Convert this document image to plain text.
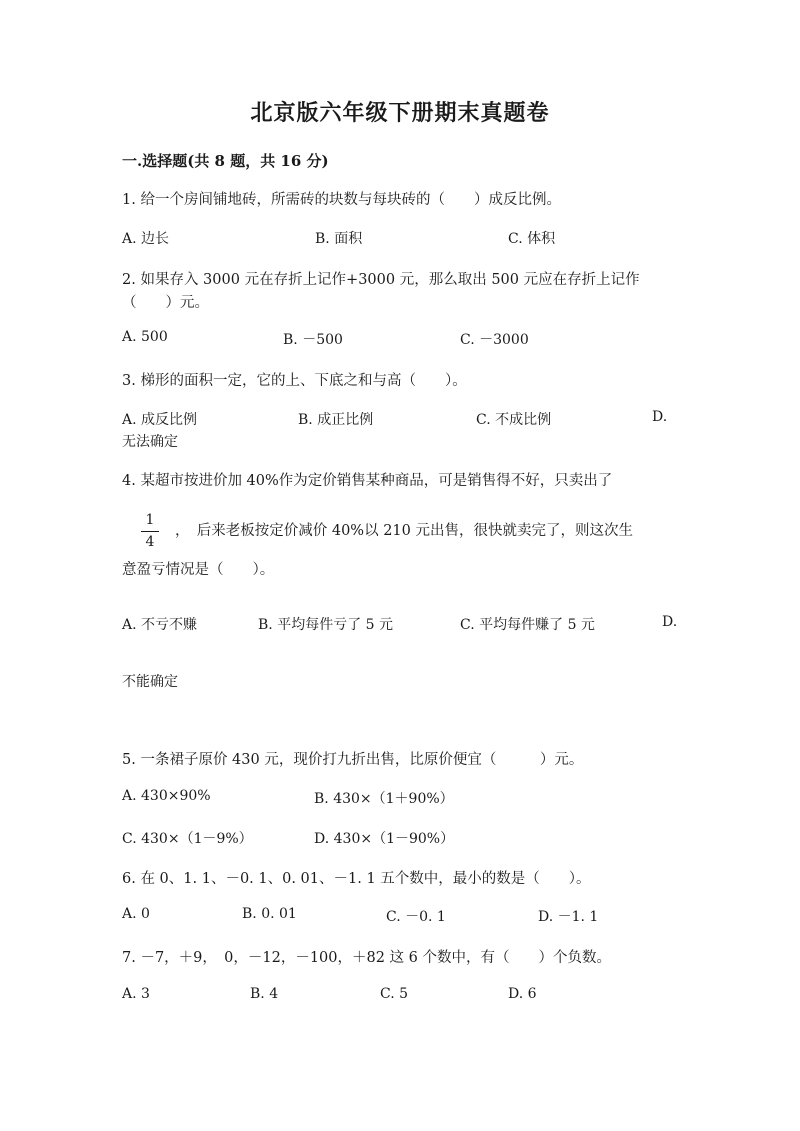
北京版六年级下册期末真题卷
一.选择题(共 8 题，共 16 分)
1. 给一个房间铺地砖，所需砖的块数与每块砖的（　　）成反比例。
A. 边长	B. 面积	C. 体积
2. 如果存入 3000 元在存折上记作+3000 元，那么取出 500 元应在存折上记作
（　　）元。
A. 500	B. －500	C. －3000
3. 梯形的面积一定，它的上、下底之和与高（　　）。
A. 成反比例	B. 成正比例	C. 不成比例	D.
无法确定
4. 某超市按进价加 40%作为定价销售某种商品，可是销售得不好，只卖出了
1
4
，　后来老板按定价减价 40%以 210 元出售，很快就卖完了，则这次生
意盈亏情况是（　　）。
A. 不亏不赚	B. 平均每件亏了 5 元	C. 平均每件赚了 5 元	D.
不能确定
5. 一条裙子原价 430 元，现价打九折出售，比原价便宜（　　　）元。
A. 430×90%	B. 430×（1＋90%）
C. 430×（1－9%）	D. 430×（1－90%）
6. 在 0、1. 1、－0. 1、0. 01、－1. 1 五个数中，最小的数是（　　）。
A. 0	B. 0. 01	C. －0. 1	D. －1. 1
7. －7，＋9，　0，－12，－100，＋82 这 6 个数中，有（　　）个负数。
A. 3	B. 4	C. 5	D. 6
